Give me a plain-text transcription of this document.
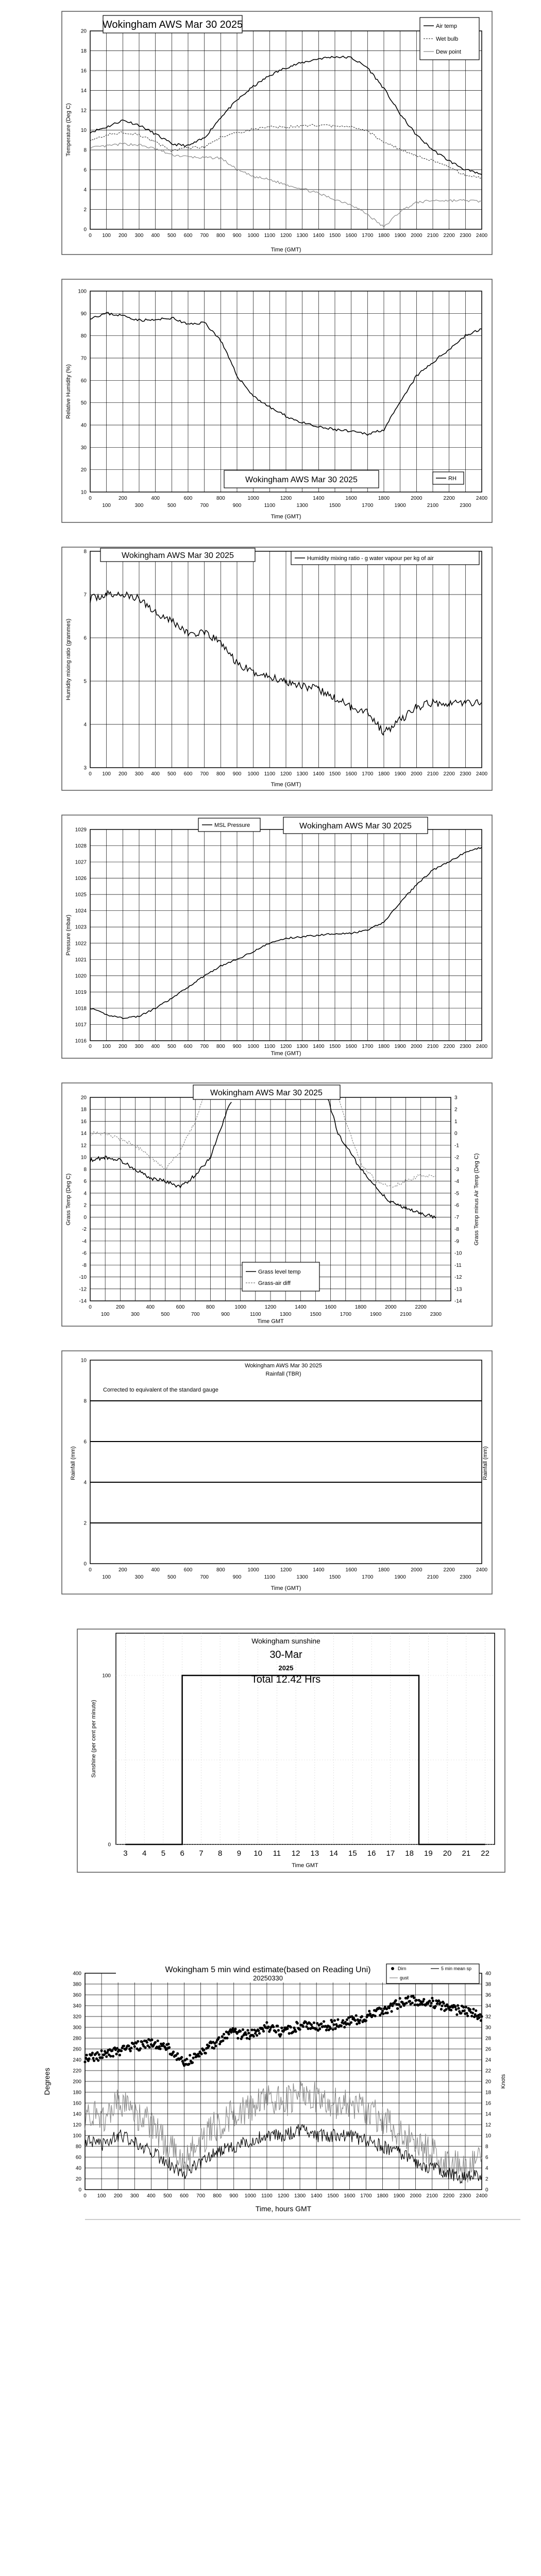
0
2
4
6
8
10
12
14
16
18
20
0 100 200 300 400 500 600 700 800 900 1000 1100 1200 1300 1400 1500 1600 1700 1800 1900 2000 2100 2200 2300 2400
Wokingham AWS Mar 30 2025	Air temp
Wet bulb
Dew point
Temperature (Deg C)
Time (GMT)
10
20
30
40
50
60
70
80
90
100
0	200	400	600	800	1000	1200	1400	1600	1800	2000	2200	2400
100	300	500	700	900	1100	1300	1500	1700	1900	2100	2300
Wokingham AWS Mar 30 2025	RH
Relative Humidity (%)
Time (GMT)
3
4
5
6
7
8
0 100 200 300 400 500 600 700 800 900 1000 1100 1200 1300 1400 1500 1600 1700 1800 1900 2000 2100 2200 2300 2400
Wokingham AWS Mar 30 2025	Humidity mixing ratio - g water vapour per kg of air
Humidity mixing ratio (grammes)
Time (GMT)
1016
1017
1018
1019
1020
1021
1022
1023
1024
1025
1026
1027
1028
1029
0 100 200 300 400 500 600 700 800 900 1000 1100 1200 1300 1400 1500 1600 1700 1800 1900 2000 2100 2200 2300 2400
MSL Pressure	Wokingham AWS Mar 30 2025
Pressure (mbar)
Time (GMT)
-14
-12
-10
-8
-6
-4
-2
0
2
4
6
8
10
12
14
16
18
20
-14
-13
-12
-11
-10
-9
-8
-7
-6
-5
-4
-3
-2
-1
0
1
2
3
0	200	400	600	800	1000	1200	1400	1600	1800	2000	2200
100	300	500	700	900	1100	1300	1500	1700	1900	2100	2300
Wokingham AWS Mar 30 2025
Grass level temp
Grass-air diff
Grass Temp (Deg C)	Grass Temp minus Air Temp (Deg C)
Time GMT
0
2
4
6
8
10
0	200	400	600	800	1000	1200	1400	1600	1800	2000	2200	2400
100	300	500	700	900	1100	1300	1500	1700	1900	2100	2300
Wokingham AWS Mar 30 2025
Rainfall (TBR)
Corrected to equivalent of the standard gauge
Rainfall (mm)	Rainfall (mm)
Time (GMT)
0
100
3 4 5 6 7 8 9 10 11 12 13 14 15 16 17 18 19 20 21 22
Wokingham sunshine
30-Mar
2025
Total 12.42 Hrs
Sunshine (per cent per minute)
Time GMT
0
20
40
60
80
100
120
140
160
180
200
220
240
260
280
300
320
340
360
380
400
0
2
4
6
8
10
12
14
16
18
20
22
24
26
28
30
32
34
36
38
40
0 100 200 300 400 500 600 700 800 900 1000 1100 1200 1300 1400 1500 1600 1700 1800 1900 2000 2100 2200 2300 2400
Wokingham 5 min wind estimate(based on Reading Uni)
20250330
Dirn	5 min mean sp
gust
Degrees	Knots
Time, hours GMT
